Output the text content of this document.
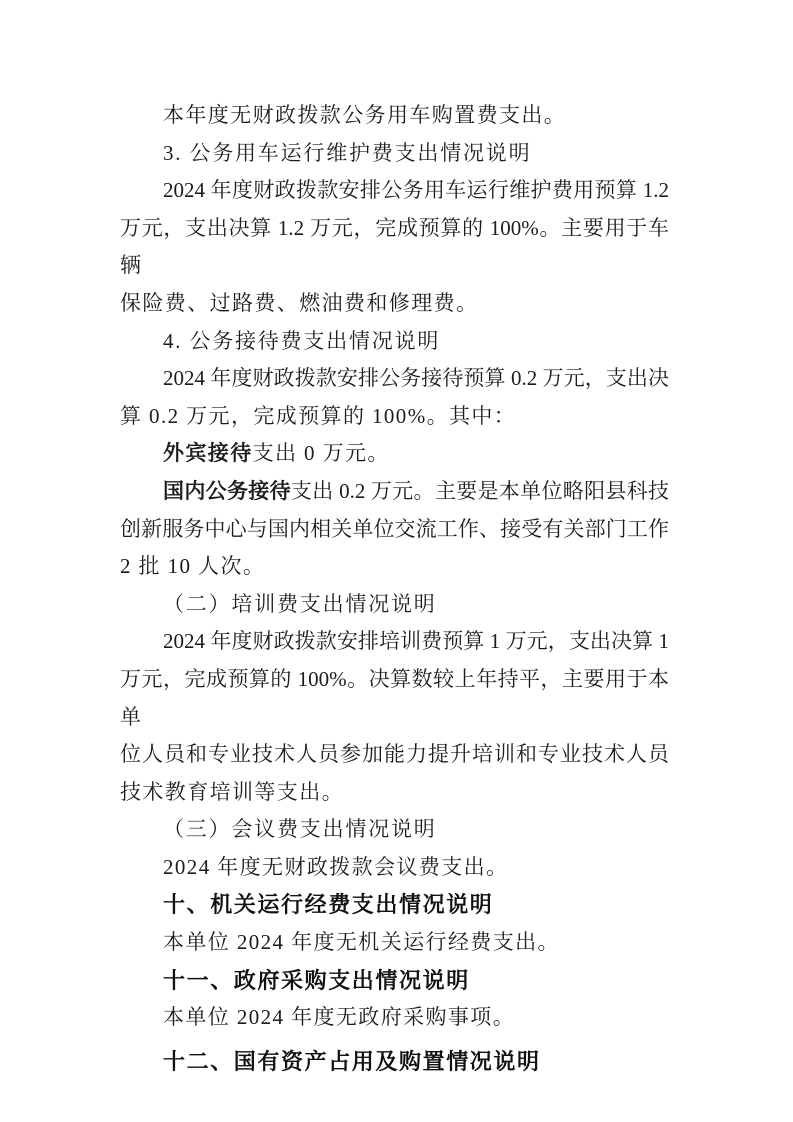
本年度无财政拨款公务用车购置费支出。
3. 公务用车运行维护费支出情况说明
2024 年度财政拨款安排公务用车运行维护费用预算 1.2
万元，支出决算 1.2 万元，完成预算的 100%。主要用于车辆
保险费、过路费、燃油费和修理费。
4. 公务接待费支出情况说明
2024 年度财政拨款安排公务接待预算 0.2 万元，支出决
算 0.2 万元，完成预算的 100%。其中：
外宾接待支出 0 万元。
国内公务接待支出 0.2 万元。主要是本单位略阳县科技
创新服务中心与国内相关单位交流工作、接受有关部门工作
2 批 10 人次。
（二）培训费支出情况说明
2024 年度财政拨款安排培训费预算 1 万元，支出决算 1
万元，完成预算的 100%。决算数较上年持平，主要用于本单
位人员和专业技术人员参加能力提升培训和专业技术人员
技术教育培训等支出。
（三）会议费支出情况说明
2024 年度无财政拨款会议费支出。
十、机关运行经费支出情况说明
本单位 2024 年度无机关运行经费支出。
十一、政府采购支出情况说明
本单位 2024 年度无政府采购事项。
十二、国有资产占用及购置情况说明
